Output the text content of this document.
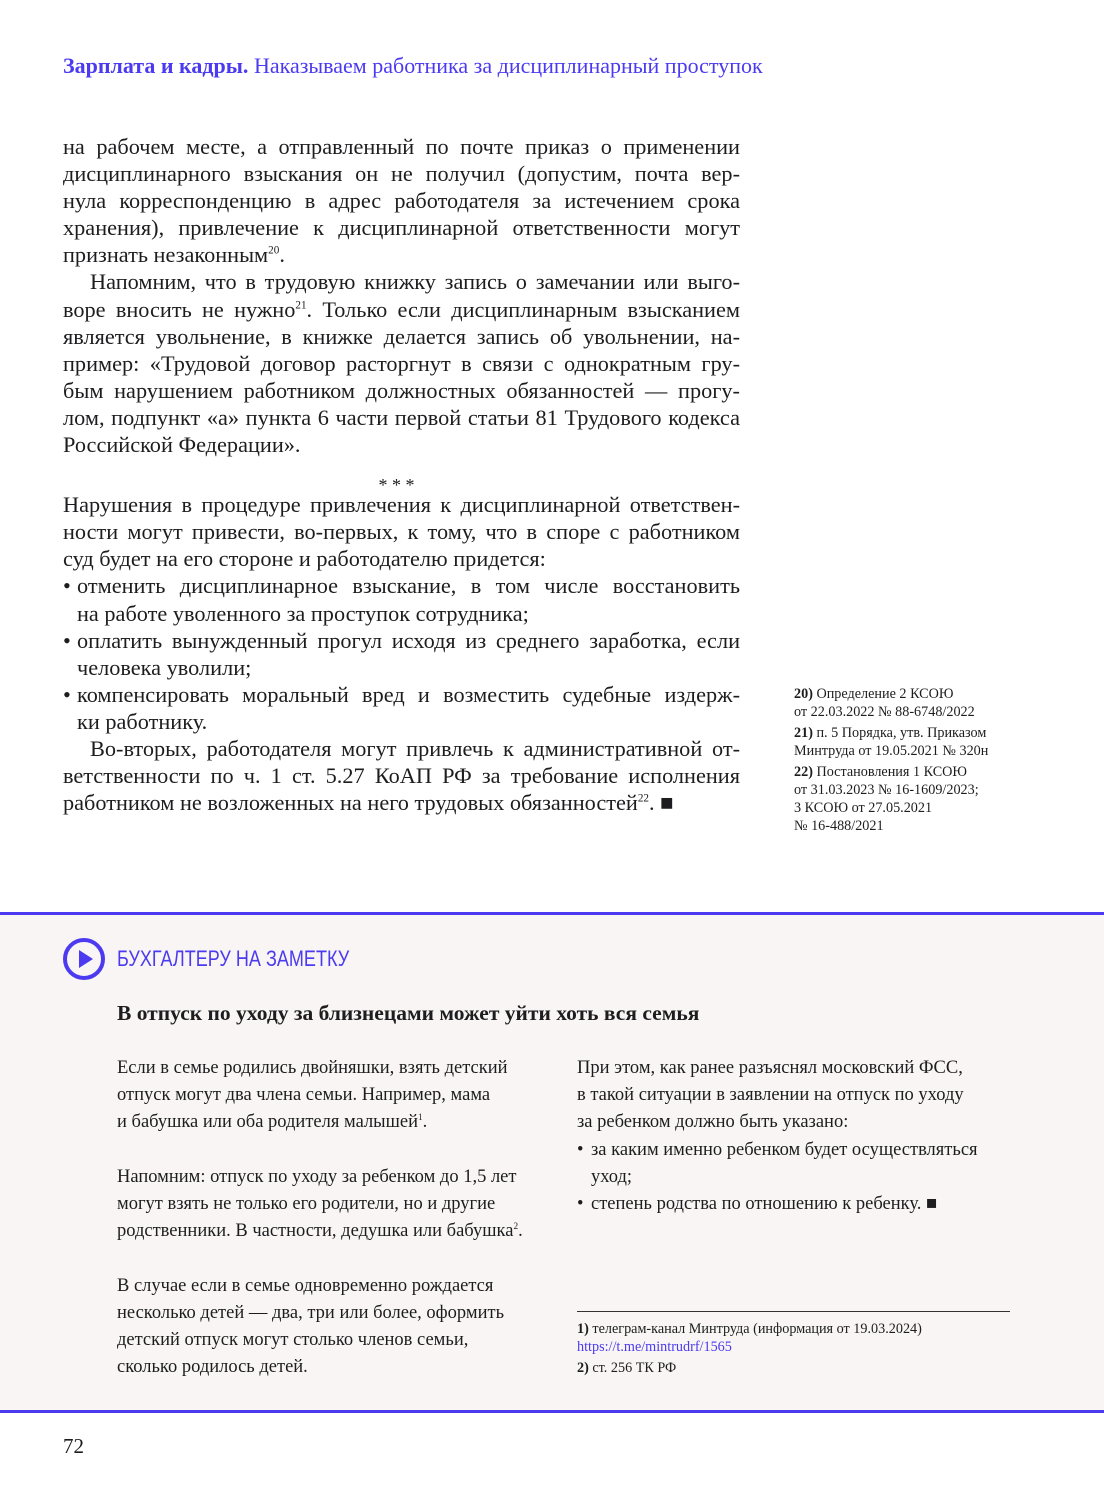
Зарплата и кадры. Наказываем работника за дисциплинарный проступок
на рабочем месте, а отправленный по почте приказ о применении
дисциплинарного взыскания он не получил (допустим, почта вер-
нула корреспонденцию в адрес работодателя за истечением срока
хранения), привлечение к дисциплинарной ответственности могут
признать незаконным$^{20}$.
Напомним, что в трудовую книжку запись о замечании или выго-
воре вносить не нужно$^{21}$. Только если дисциплинарным взысканием
является увольнение, в книжке делается запись об увольнении, на-
пример: «Трудовой договор расторгнут в связи с однократным гру-
бым нарушением работником должностных обязанностей — прогу-
лом, подпункт «а» пункта 6 части первой статьи 81 Трудового кодекса
Российской Федерации».
* * *
Нарушения в процедуре привлечения к дисциплинарной ответствен-
ности могут привести, во-первых, к тому, что в споре с работником
суд будет на его стороне и работодателю придется:
• отменить дисциплинарное взыскание, в том числе восстановить
на работе уволенного за проступок сотрудника;
• оплатить вынужденный прогул исходя из среднего заработка, если
человека уволили;
• компенсировать моральный вред и возместить судебные издерж-
ки работнику.
Во-вторых, работодателя могут привлечь к административной от-
ветственности по ч. 1 ст. 5.27 КоАП РФ за требование исполнения
работником не возложенных на него трудовых обязанностей$^{22}$. ■

20) Определение 2 КСОЮ
от 22.03.2022 № 88-6748/2022

21) п. 5 Порядка, утв. Приказом
Минтруда от 19.05.2021 № 320н

22) Постановления 1 КСОЮ
от 31.03.2023 № 16-1609/2023;
3 КСОЮ от 27.05.2021
№ 16-488/2021

БУХГАЛТЕРУ НА ЗАМЕТКУ
В отпуск по уходу за близнецами может уйти хоть вся семья
Если в семье родились двойняшки, взять детский
отпуск могут два члена семьи. Например, мама
и бабушка или оба родителя малышей$^1$.
Напомним: отпуск по уходу за ребенком до 1,5 лет
могут взять не только его родители, но и другие
родственники. В частности, дедушка или бабушка$^2$.
В случае если в семье одновременно рождается
несколько детей — два, три или более, оформить
детский отпуск могут столько членов семьи,
сколько родилось детей.
При этом, как ранее разъяснял московский ФСС,
в такой ситуации в заявлении на отпуск по уходу
за ребенком должно быть указано:
• за каким именно ребенком будет осуществляться
уход;
• степень родства по отношению к ребенку. ■
1) телеграм-канал Минтруда (информация от 19.03.2024)
https://t.me/mintrudrf/1565
2) ст. 256 ТК РФ
72
